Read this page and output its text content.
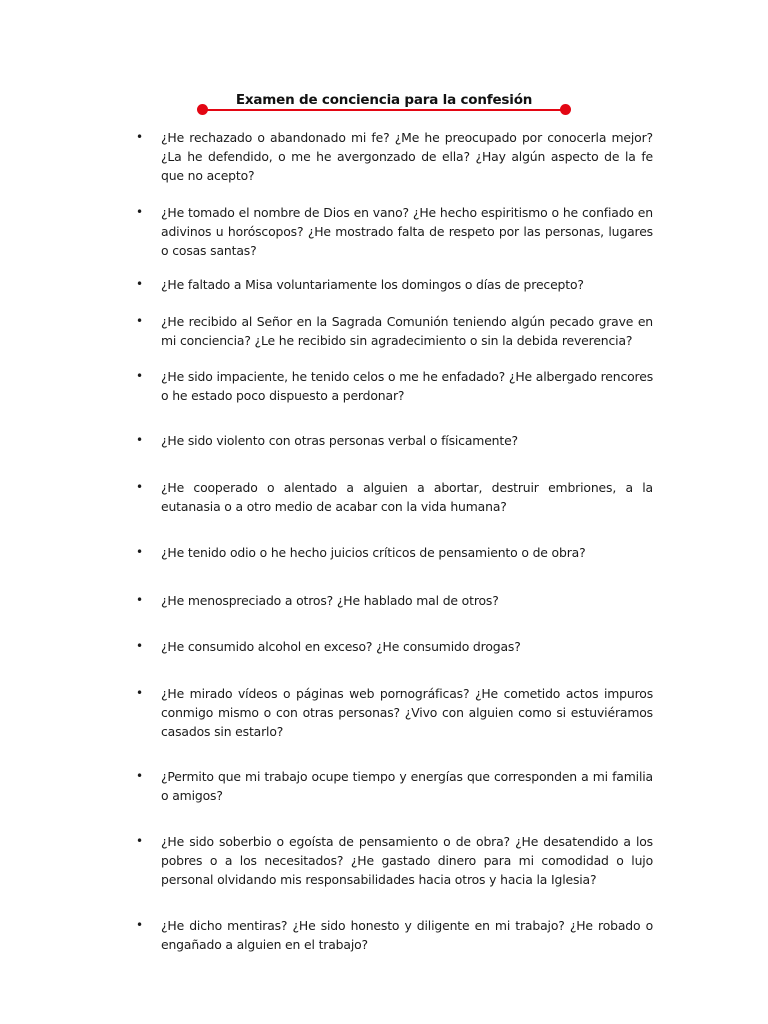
Examen de conciencia para la confesión
• ¿He rechazado o abandonado mi fe? ¿Me he preocupado por conocerla mejor? ¿La he defendido, o me he avergonzado de ella? ¿Hay algún aspecto de la fe que no acepto?
• ¿He tomado el nombre de Dios en vano? ¿He hecho espiritismo o he confiado en adivinos u horóscopos? ¿He mostrado falta de respeto por las personas, lugares o cosas santas?
• ¿He faltado a Misa voluntariamente los domingos o días de precepto?
• ¿He recibido al Señor en la Sagrada Comunión teniendo algún pecado grave en mi conciencia? ¿Le he recibido sin agradecimiento o sin la debida reverencia?
• ¿He sido impaciente, he tenido celos o me he enfadado? ¿He albergado rencores o he estado poco dispuesto a perdonar?
• ¿He sido violento con otras personas verbal o físicamente?
• ¿He cooperado o alentado a alguien a abortar, destruir embriones, a la eutanasia o a otro medio de acabar con la vida humana?
• ¿He tenido odio o he hecho juicios críticos de pensamiento o de obra?
• ¿He menospreciado a otros? ¿He hablado mal de otros?
• ¿He consumido alcohol en exceso? ¿He consumido drogas?
• ¿He mirado vídeos o páginas web pornográficas? ¿He cometido actos impuros conmigo mismo o con otras personas? ¿Vivo con alguien como si estuviéramos casados sin estarlo?
• ¿Permito que mi trabajo ocupe tiempo y energías que corresponden a mi familia o amigos?
• ¿He sido soberbio o egoísta de pensamiento o de obra? ¿He desatendido a los pobres o a los necesitados? ¿He gastado dinero para mi comodidad o lujo personal olvidando mis responsabilidades hacia otros y hacia la Iglesia?
• ¿He dicho mentiras? ¿He sido honesto y diligente en mi trabajo? ¿He robado o engañado a alguien en el trabajo?
